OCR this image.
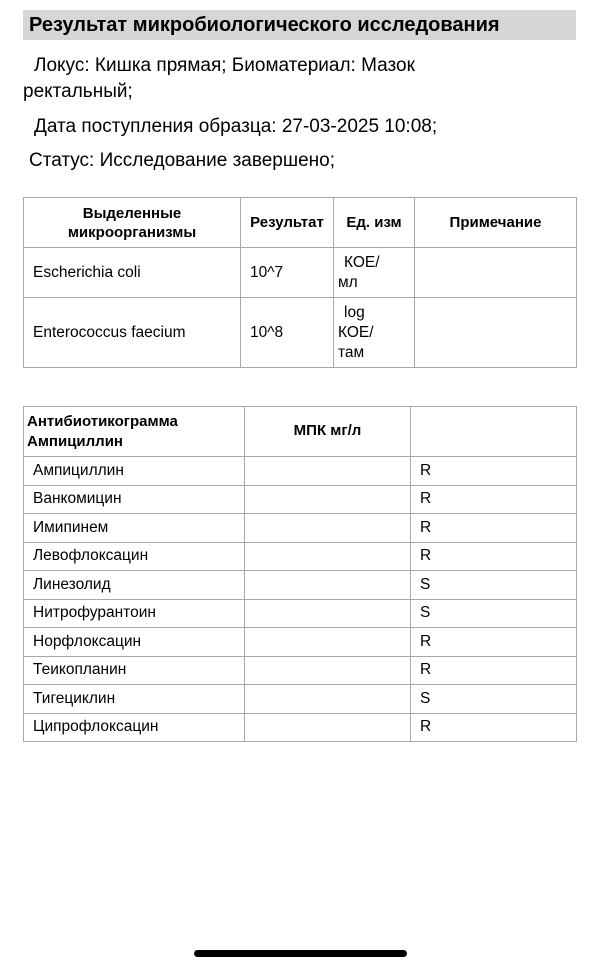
Результат микробиологического исследования
Локус: Кишка прямая; Биоматериал: Мазок
ректальный;
Дата поступления образца: 27-03-2025 10:08;
Статус: Исследование завершено;
Выделенные
микроорганизмы	Результат	Ед. изм	Примечание
Escherichia coli	10^7	КОЕ/
мл	

Enterococcus faecium	10^8	log
КОЕ/
там	

Антибиотикограмма
Ампициллин	МПК мг/л	
Ампициллин		R
Ванкомицин		R
Имипинем		R
Левофлоксацин		R
Линезолид		S
Нитрофурантоин		S
Норфлоксацин		R
Теикопланин		R
Тигециклин		S
Ципрофлоксацин		R
